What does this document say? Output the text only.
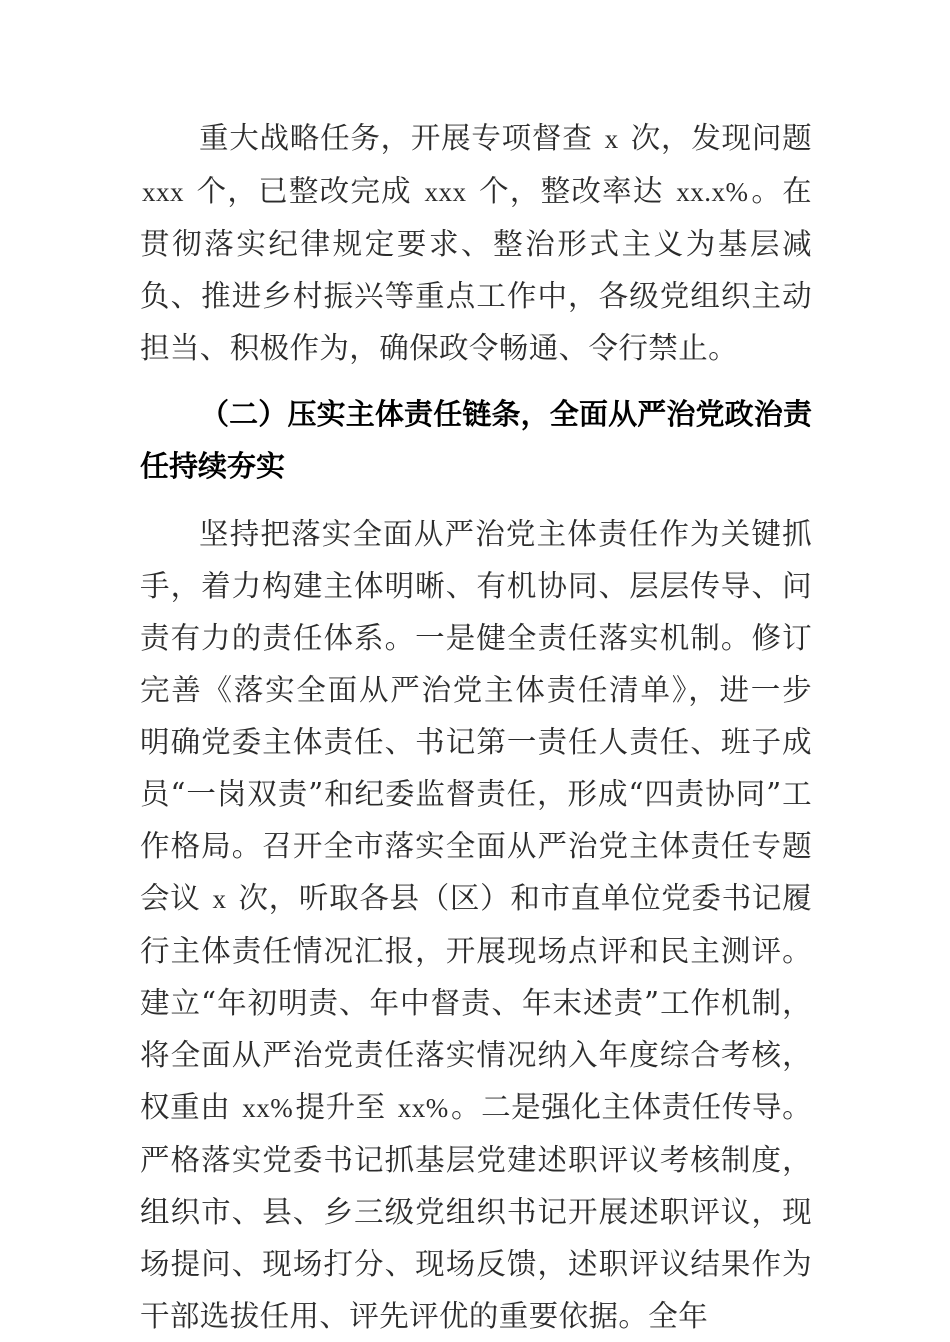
重大战略任务，开展专项督查 x 次，发现问题 xxx 个，已整改完成 xxx 个，整改率达 xx.x%。在贯彻落实纪律规定要求、整治形式主义为基层减负、推进乡村振兴等重点工作中，各级党组织主动担当、积极作为，确保政令畅通、令行禁止。

（二）压实主体责任链条，全面从严治党政治责任持续夯实

坚持把落实全面从严治党主体责任作为关键抓手，着力构建主体明晰、有机协同、层层传导、问责有力的责任体系。一是健全责任落实机制。修订完善《落实全面从严治党主体责任清单》，进一步明确党委主体责任、书记第一责任人责任、班子成员“一岗双责”和纪委监督责任，形成“四责协同”工作格局。召开全市落实全面从严治党主体责任专题会议 x 次，听取各县（区）和市直单位党委书记履行主体责任情况汇报，开展现场点评和民主测评。建立“年初明责、年中督责、年末述责”工作机制，将全面从严治党责任落实情况纳入年度综合考核，权重由 xx%提升至 xx%。二是强化主体责任传导。严格落实党委书记抓基层党建述职评议考核制度，组织市、县、乡三级党组织书记开展述职评议，现场提问、现场打分、现场反馈，述职评议结果作为干部选拔任用、评先评优的重要依据。全年
